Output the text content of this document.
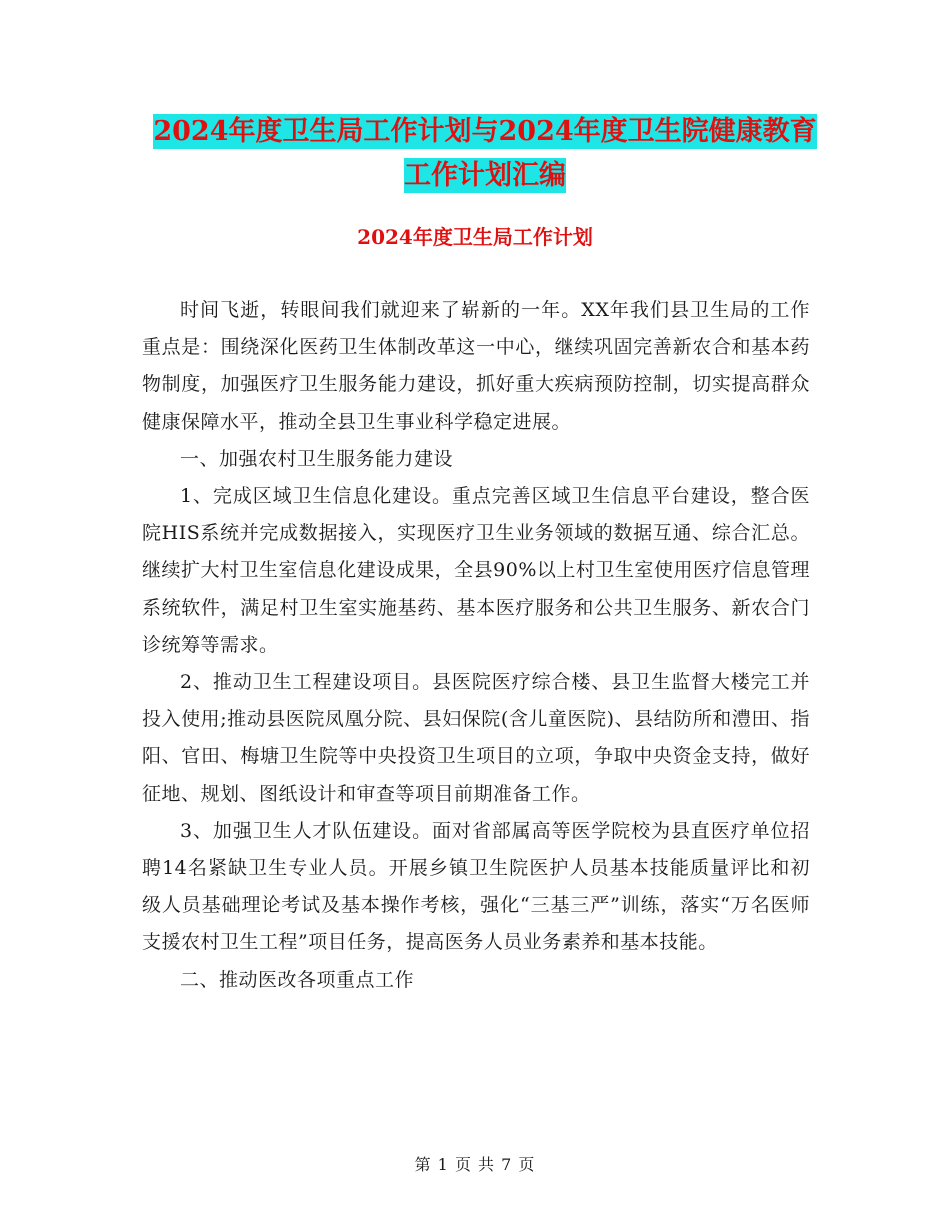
2024年度卫生局工作计划与2024年度卫生院健康教育
工作计划汇编
2024年度卫生局工作计划

时间飞逝，转眼间我们就迎来了崭新的一年。XX年我们县卫生局的工作重点是：围绕深化医药卫生体制改革这一中心，继续巩固完善新农合和基本药物制度，加强医疗卫生服务能力建设，抓好重大疾病预防控制，切实提高群众健康保障水平，推动全县卫生事业科学稳定进展。

一、加强农村卫生服务能力建设

1、完成区域卫生信息化建设。重点完善区域卫生信息平台建设，整合医院HIS系统并完成数据接入，实现医疗卫生业务领域的数据互通、综合汇总。继续扩大村卫生室信息化建设成果，全县90%以上村卫生室使用医疗信息管理系统软件，满足村卫生室实施基药、基本医疗服务和公共卫生服务、新农合门诊统筹等需求。

2、推动卫生工程建设项目。县医院医疗综合楼、县卫生监督大楼完工并投入使用;推动县医院凤凰分院、县妇保院(含儿童医院)、县结防所和澧田、指阳、官田、梅塘卫生院等中央投资卫生项目的立项，争取中央资金支持，做好征地、规划、图纸设计和审查等项目前期准备工作。

3、加强卫生人才队伍建设。面对省部属高等医学院校为县直医疗单位招聘14名紧缺卫生专业人员。开展乡镇卫生院医护人员基本技能质量评比和初级人员基础理论考试及基本操作考核，强化“三基三严”训练，落实“万名医师支援农村卫生工程”项目任务，提高医务人员业务素养和基本技能。

二、推动医改各项重点工作

第 1 页 共 7 页
